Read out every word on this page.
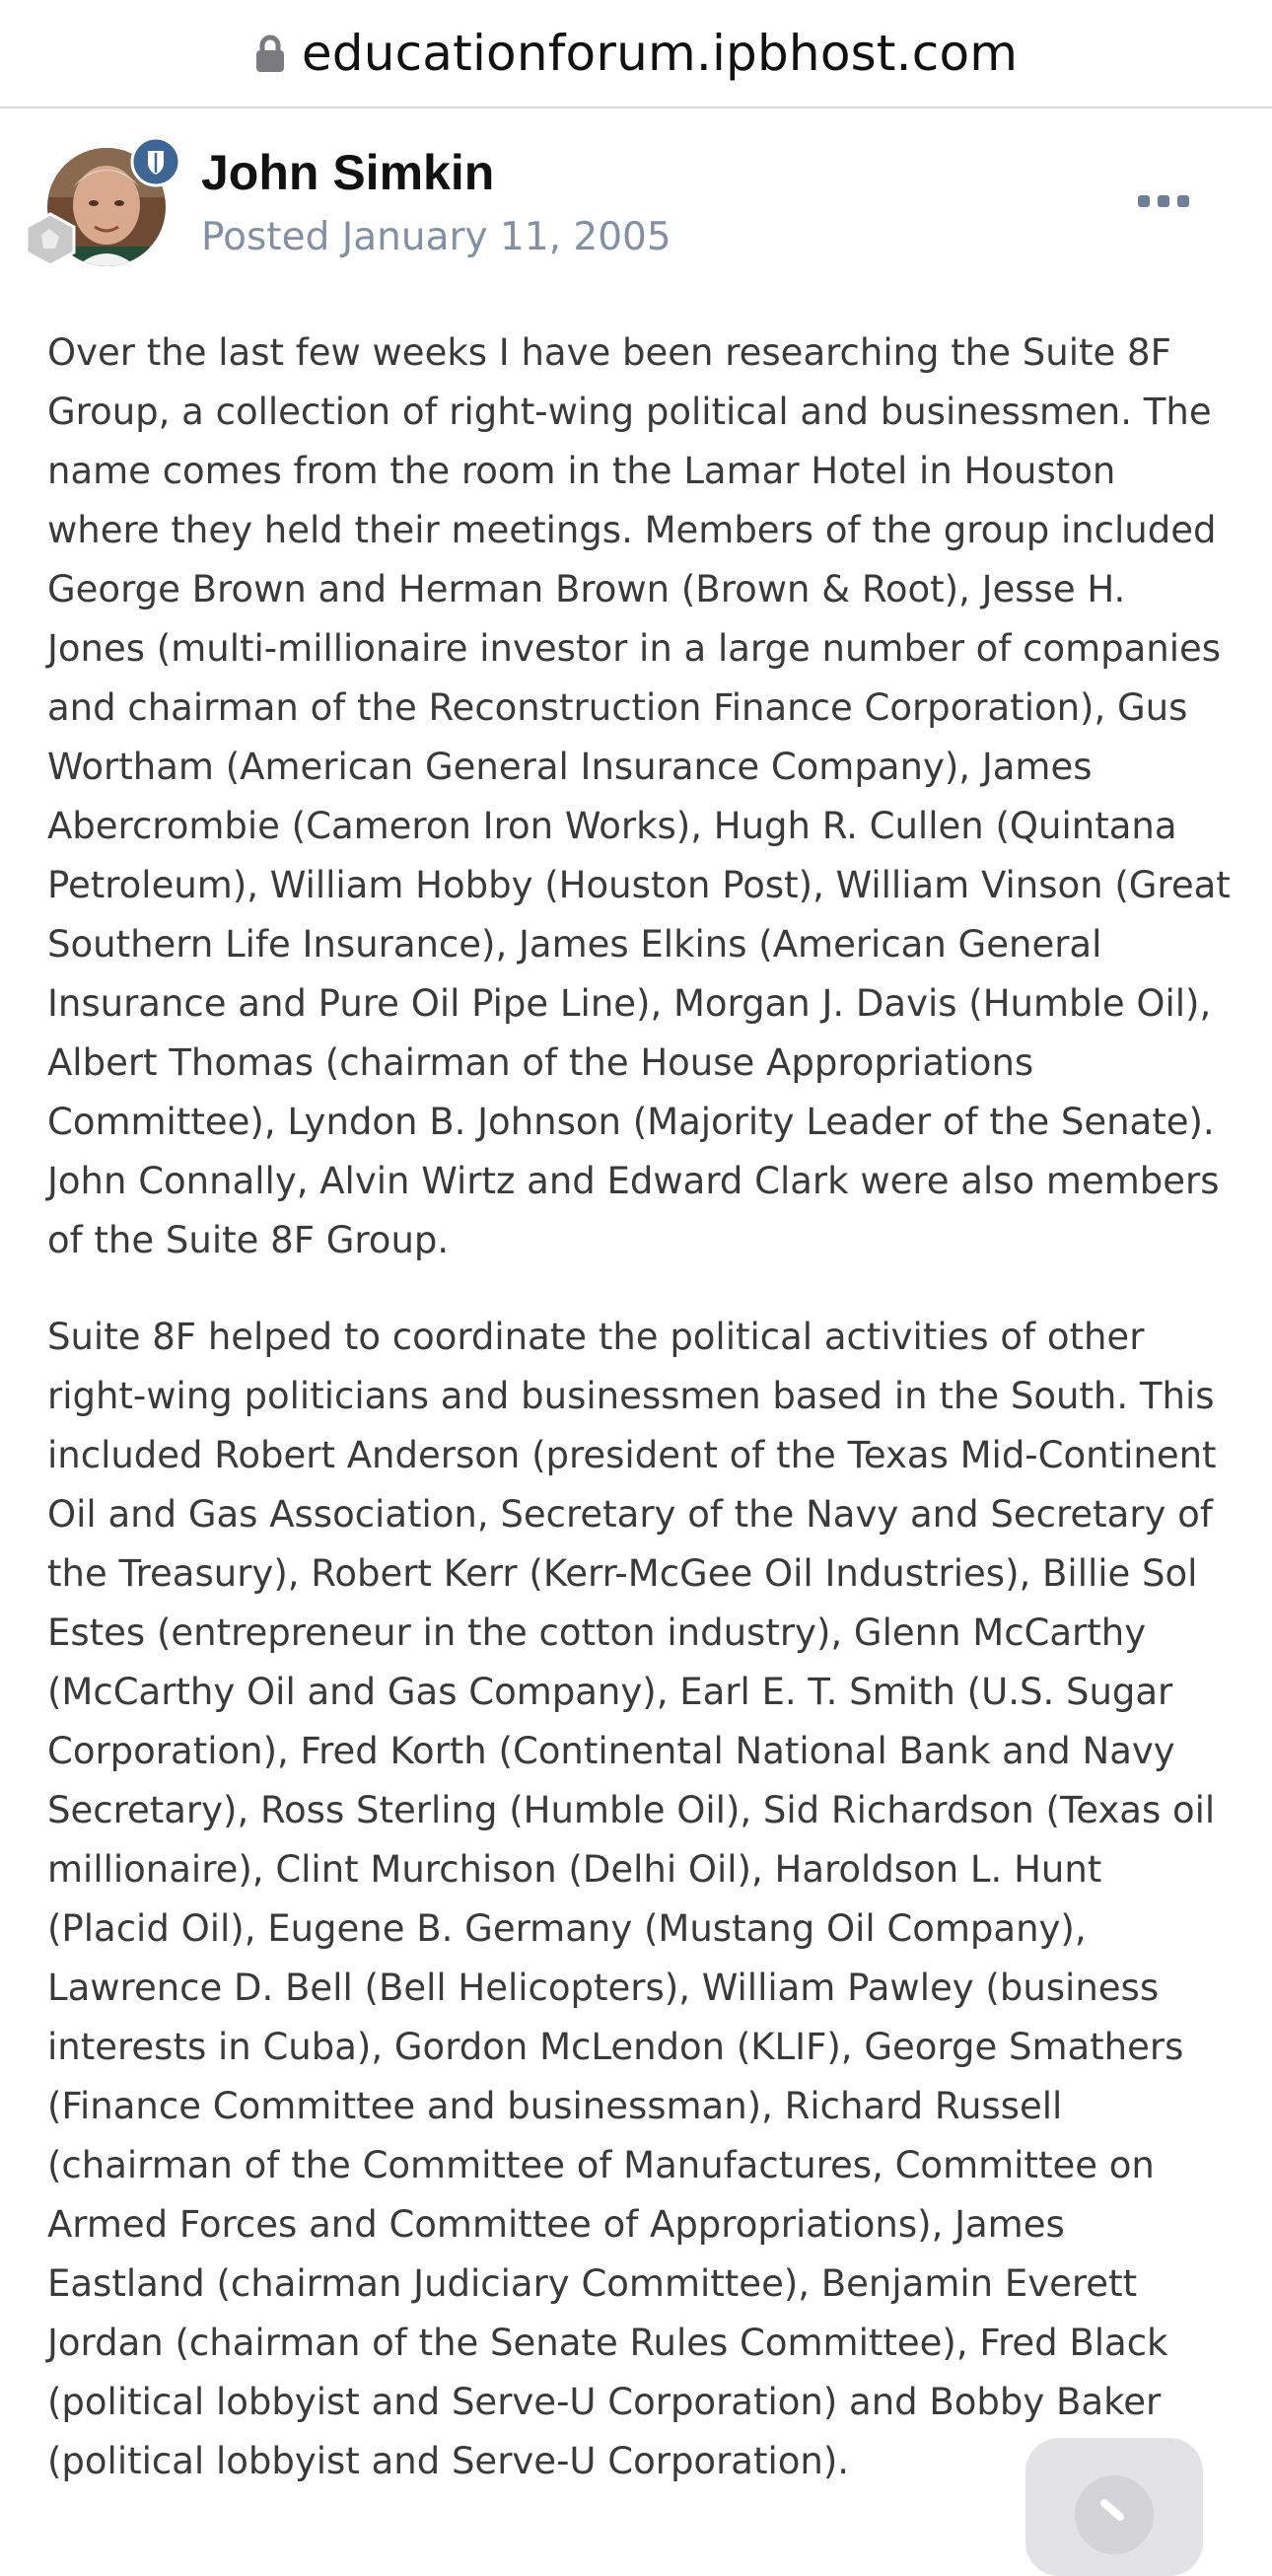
educationforum.ipbhost.com
John Simkin
Posted January 11, 2005

Over the last few weeks I have been researching the Suite 8F Group, a collection of right-wing political and businessmen. The name comes from the room in the Lamar Hotel in Houston where they held their meetings. Members of the group included George Brown and Herman Brown (Brown & Root), Jesse H. Jones (multi-millionaire investor in a large number of companies and chairman of the Reconstruction Finance Corporation), Gus Wortham (American General Insurance Company), James Abercrombie (Cameron Iron Works), Hugh R. Cullen (Quintana Petroleum), William Hobby (Houston Post), William Vinson (Great Southern Life Insurance), James Elkins (American General Insurance and Pure Oil Pipe Line), Morgan J. Davis (Humble Oil), Albert Thomas (chairman of the House Appropriations Committee), Lyndon B. Johnson (Majority Leader of the Senate). John Connally, Alvin Wirtz and Edward Clark were also members of the Suite 8F Group.

Suite 8F helped to coordinate the political activities of other right-wing politicians and businessmen based in the South. This included Robert Anderson (president of the Texas Mid-Continent Oil and Gas Association, Secretary of the Navy and Secretary of the Treasury), Robert Kerr (Kerr-McGee Oil Industries), Billie Sol Estes (entrepreneur in the cotton industry), Glenn McCarthy (McCarthy Oil and Gas Company), Earl E. T. Smith (U.S. Sugar Corporation), Fred Korth (Continental National Bank and Navy Secretary), Ross Sterling (Humble Oil), Sid Richardson (Texas oil millionaire), Clint Murchison (Delhi Oil), Haroldson L. Hunt (Placid Oil), Eugene B. Germany (Mustang Oil Company), Lawrence D. Bell (Bell Helicopters), William Pawley (business interests in Cuba), Gordon McLendon (KLIF), George Smathers (Finance Committee and businessman), Richard Russell (chairman of the Committee of Manufactures, Committee on Armed Forces and Committee of Appropriations), James Eastland (chairman Judiciary Committee), Benjamin Everett Jordan (chairman of the Senate Rules Committee), Fred Black (political lobbyist and Serve-U Corporation) and Bobby Baker (political lobbyist and Serve-U Corporation).
